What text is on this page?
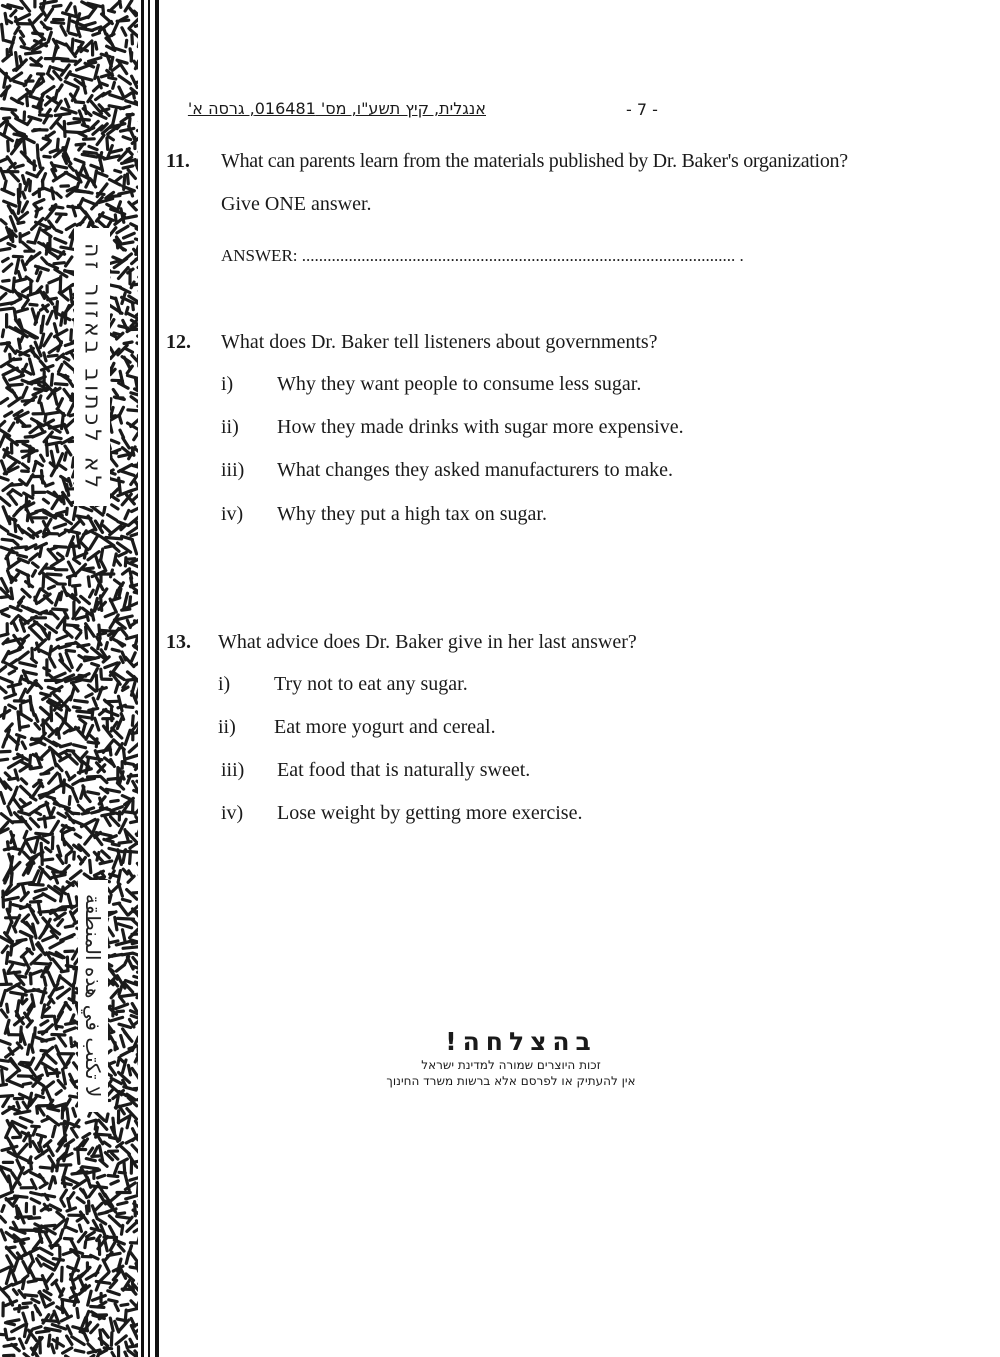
לא לכתוב באזור זה
لا تكتب في هذه المنطقة
אנגלית, קיץ תשע"ו, מס' 016481, גרסה א'	- 7 -
11. What can parents learn from the materials published by Dr. Baker's organization?
Give ONE answer.
ANSWER: ...................................................................................................... .
12. What does Dr. Baker tell listeners about governments?
i) Why they want people to consume less sugar.
ii) How they made drinks with sugar more expensive.
iii) What changes they asked manufacturers to make.
iv) Why they put a high tax on sugar.
13. What advice does Dr. Baker give in her last answer?
i) Try not to eat any sugar.
ii) Eat more yogurt and cereal.
iii) Eat food that is naturally sweet.
iv) Lose weight by getting more exercise.
בהצלחה!
זכות היוצרים שמורה למדינת ישראל
אין להעתיק או לפרסם אלא ברשות משרד החינוך
